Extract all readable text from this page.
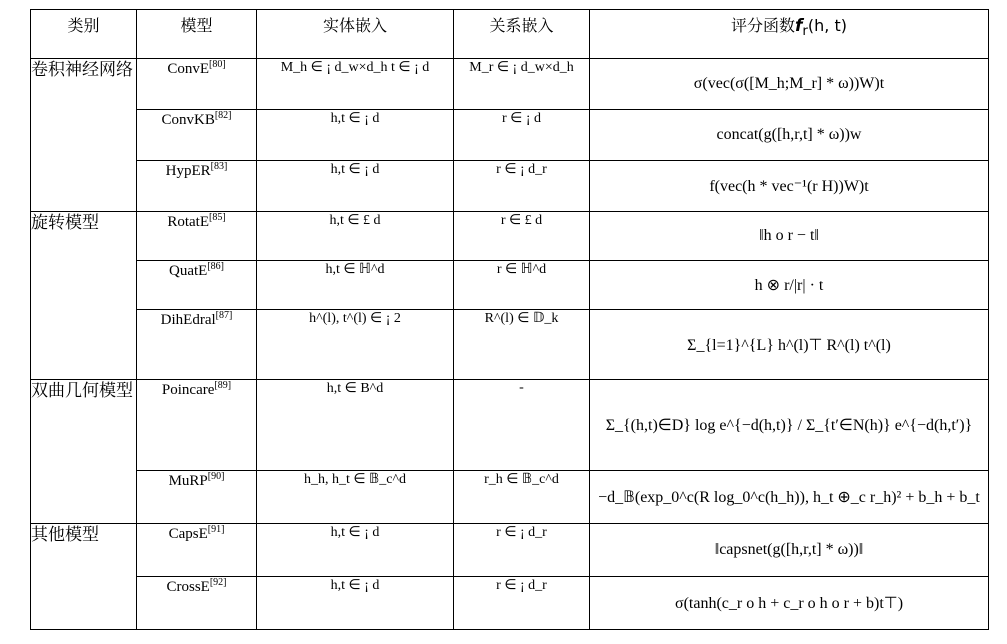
类别	模型	实体嵌入	关系嵌入	评分函数$f_r(h$, t)
卷积神经网络	ConvE[80]	M_h ∈ ¡ d_w×d_h t ∈ ¡ d	M_r ∈ ¡ d_w×d_h	σ(vec(σ([M_h;M_r] * ω))W)t
	ConvKB[82]	h,t ∈ ¡ d	r ∈ ¡ d	concat(g([h,r,t] * ω))w
	HypER[83]	h,t ∈ ¡ d	r ∈ ¡ d_r	f(vec(h * vec⁻¹(r H))W)t
旋转模型	RotatE[85]	h,t ∈ £ d	r ∈ £ d	‖h o r − t‖
	QuatE[86]	h,t ∈ ℍ^d	r ∈ ℍ^d	h ⊗ r/|r| · t
	DihEdral[87]	h^(l), t^(l) ∈ ¡ 2	R^(l) ∈ 𝔻_k	Σ_{l=1}^{L} h^(l)⊤ R^(l) t^(l)
双曲几何模型	Poincare[89]	h,t ∈ B^d	-	Σ_{(h,t)∈D} log e^{−d(h,t)} / Σ_{t′∈N(h)} e^{−d(h,t′)}
	MuRP[90]	h_h, h_t ∈ 𝔹_c^d	r_h ∈ 𝔹_c^d	−d_𝔹(exp_0^c(R log_0^c(h_h)), h_t ⊕_c r_h)² + b_h + b_t
其他模型	CapsE[91]	h,t ∈ ¡ d	r ∈ ¡ d_r	‖capsnet(g([h,r,t] * ω))‖
	CrossE[92]	h,t ∈ ¡ d	r ∈ ¡ d_r	σ(tanh(c_r o h + c_r o h o r + b)t⊤)
